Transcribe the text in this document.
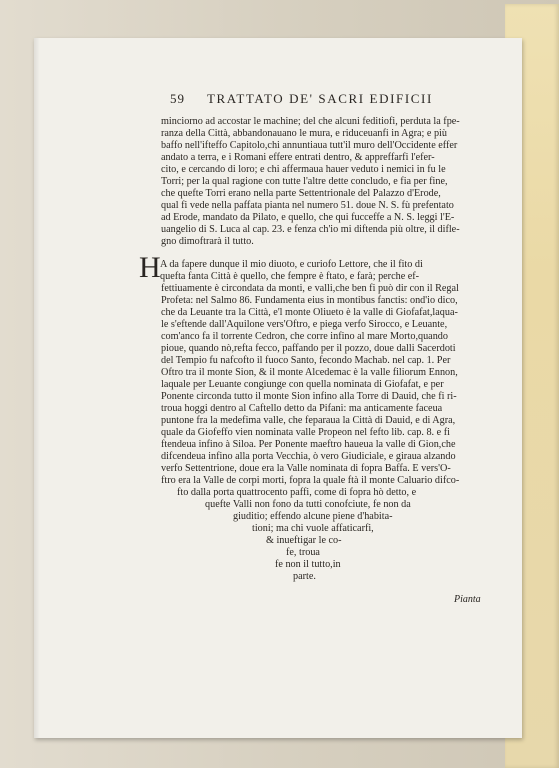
59 TRATTATO DE' SACRI EDIFICII
minciorno ad accostar le machine; del che alcuni feditiofi, perduta la fpe-
ranza della Città, abbandonauano le mura, e riduceuanfi in Agra; e più
baffo nell'ifteffo Capitolo,chi annuntiaua tutt'il muro dell'Occidente effer
andato a terra, e i Romani effere entrati dentro, & appreffarfi l'efer-
cito, e cercando di loro; e chi affermaua hauer veduto i nemici in fu le
Torri; per la qual ragione con tutte l'altre dette concludo, e fia per fine,
che quefte Torri erano nella parte Settentrionale del Palazzo d'Erode,
qual fi vede nella paffata pianta nel numero 51. doue N. S. fù prefentato
ad Erode, mandato da Pilato, e quello, che qui fucceffe a N. S. leggi l'E-
uangelio di S. Luca al cap. 23. e fenza ch'io mi diftenda più oltre, il difle-
gno dimoftrarà il tutto.
H A da fapere dunque il mio diuoto, e curiofo Lettore, che il fito di
quefta fanta Città è quello, che fempre è ftato, e farà; perche ef-
fettiuamente è circondata da monti, e valli,che ben fi può dir con il Regal
Profeta: nel Salmo 86. Fundamenta eius in montibus fanctis: ond'io dico,
che da Leuante tra la Città, e'l monte Oliueto è la valle di Giofafat,laqua-
le s'eftende dall'Aquilone vers'Oftro, e piega verfo Sirocco, e Leuante,
com'anco fa il torrente Cedron, che corre infino al mare Morto,quando
pioue, quando nò,refta fecco, paffando per il pozzo, doue dalli Sacerdoti
del Tempio fu nafcofto il fuoco Santo, fecondo Machab. nel cap. 1. Per
Oftro tra il monte Sion, & il monte Alcedemac è la valle filiorum Ennon,
laquale per Leuante congiunge con quella nominata di Giofafat, e per
Ponente circonda tutto il monte Sion infino alla Torre di Dauid, che fi ri-
troua hoggi dentro al Caftello detto da Pifani: ma anticamente faceua
puntone fra la medefima valle, che feparaua la Città di Dauid, e di Agra,
quale da Giofeffo vien nominata valle Propeon nel fefto lib. cap. 8. e fi
ftendeua infino à Siloa. Per Ponente maeftro haueua la valle di Gion,che
difcendeua infino alla porta Vecchia, ò vero Giudiciale, e giraua alzando
verfo Settentrione, doue era la Valle nominata di fopra Baffa. E vers'O-
ftro era la Valle de corpi morti, fopra la quale ftà il monte Caluario difco-
fto dalla porta quattrocento paffi, come di fopra hò detto, e
quefte Valli non fono da tutti conofciute, fe non da
giuditio; effendo alcune piene d'habita-
tioni; ma chi vuole affaticarfi,
& inueftigar le co-
fe, troua
fe non il tutto,in
parte.
Pianta
